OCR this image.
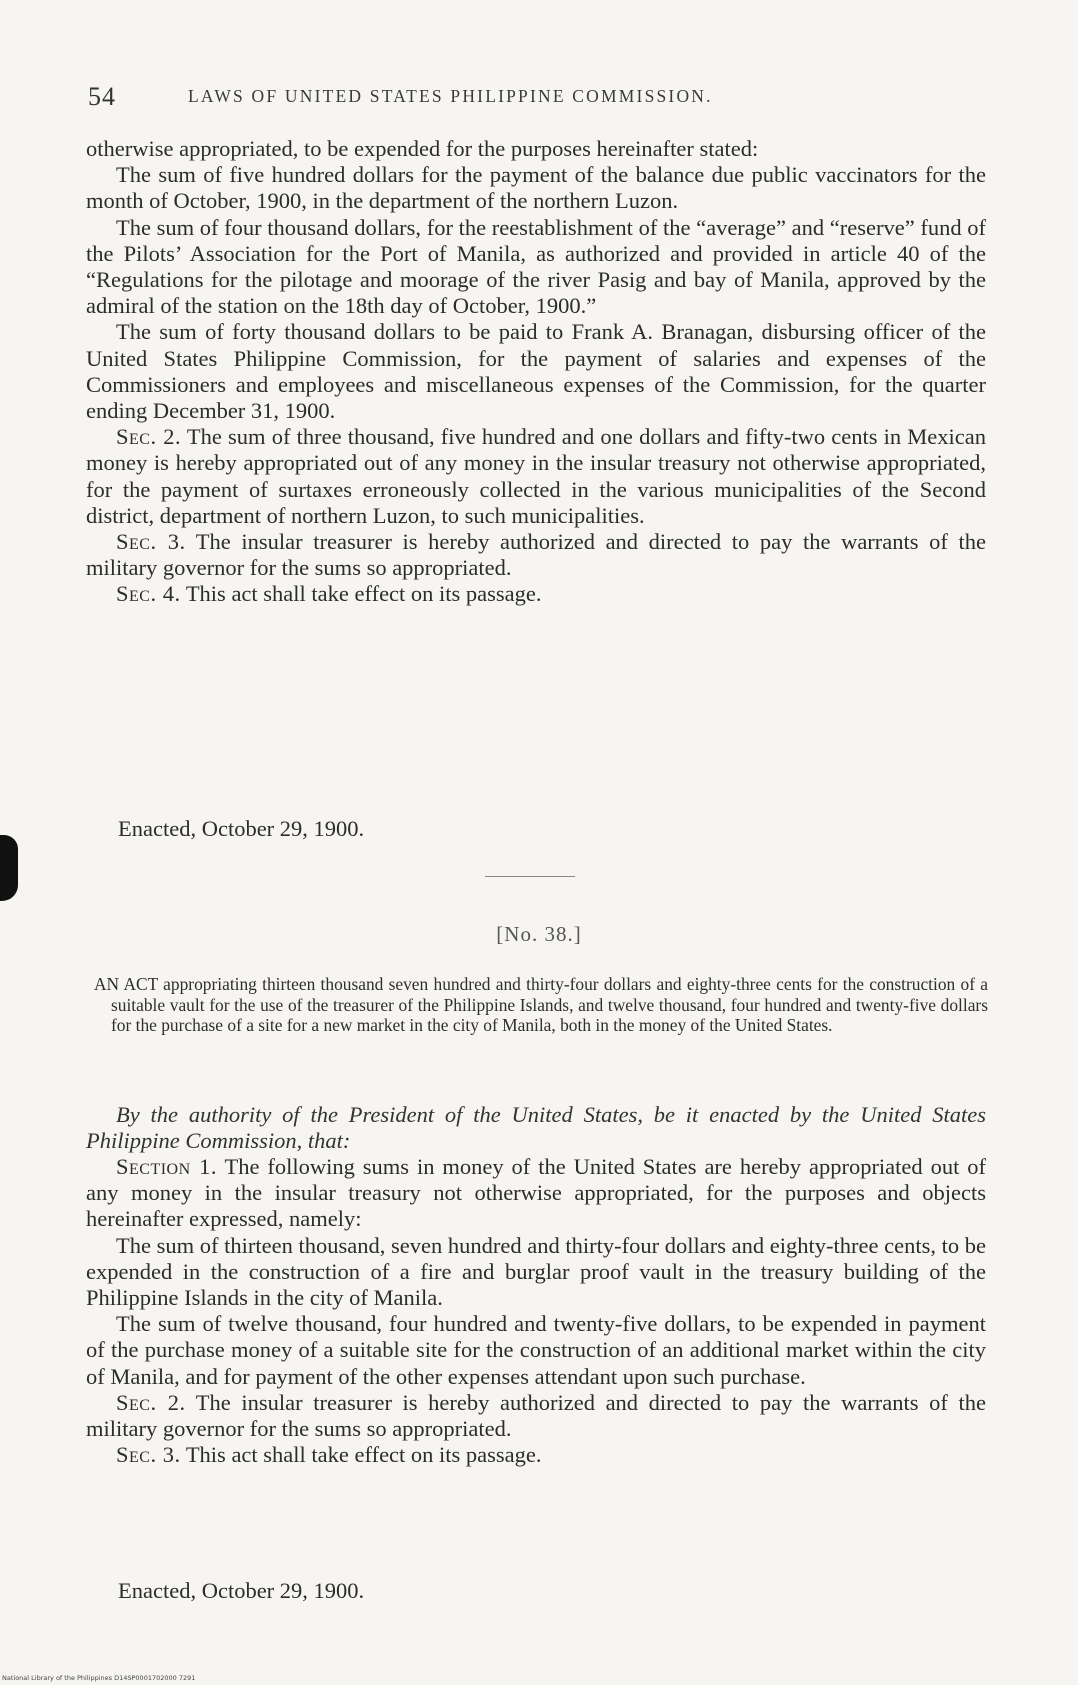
54	LAWS OF UNITED STATES PHILIPPINE COMMISSION.

otherwise appropriated, to be expended for the purposes hereinafter stated:

The sum of five hundred dollars for the payment of the balance due public vaccinators for the month of October, 1900, in the department of the northern Luzon.

The sum of four thousand dollars, for the reestablishment of the “average” and “reserve” fund of the Pilots’ Association for the Port of Manila, as authorized and provided in article 40 of the “Regulations for the pilotage and moorage of the river Pasig and bay of Manila, approved by the admiral of the station on the 18th day of October, 1900.”

The sum of forty thousand dollars to be paid to Frank A. Branagan, disbursing officer of the United States Philippine Commission, for the payment of salaries and expenses of the Commissioners and employees and miscellaneous expenses of the Commission, for the quarter ending December 31, 1900.

Sec. 2. The sum of three thousand, five hundred and one dollars and fifty-two cents in Mexican money is hereby appropriated out of any money in the insular treasury not otherwise appropriated, for the payment of surtaxes erroneously collected in the various municipalities of the Second district, department of northern Luzon, to such municipalities.

Sec. 3. The insular treasurer is hereby authorized and directed to pay the warrants of the military governor for the sums so appropriated.

Sec. 4. This act shall take effect on its passage.

Enacted, October 29, 1900.
[No. 38.]

AN ACT appropriating thirteen thousand seven hundred and thirty-four dollars and eighty-three cents for the construction of a suitable vault for the use of the treasurer of the Philippine Islands, and twelve thousand, four hundred and twenty-five dollars for the purchase of a site for a new market in the city of Manila, both in the money of the United States.

By the authority of the President of the United States, be it enacted by the United States Philippine Commission, that:

Section 1. The following sums in money of the United States are hereby appropriated out of any money in the insular treasury not otherwise appropriated, for the purposes and objects hereinafter expressed, namely:

The sum of thirteen thousand, seven hundred and thirty-four dollars and eighty-three cents, to be expended in the construction of a fire and burglar proof vault in the treasury building of the Philippine Islands in the city of Manila.

The sum of twelve thousand, four hundred and twenty-five dollars, to be expended in payment of the purchase money of a suitable site for the construction of an additional market within the city of Manila, and for payment of the other expenses attendant upon such purchase.

Sec. 2. The insular treasurer is hereby authorized and directed to pay the warrants of the military governor for the sums so appropriated.

Sec. 3. This act shall take effect on its passage.

Enacted, October 29, 1900.
National Library of the Philippines D14SP0001702000 7291
